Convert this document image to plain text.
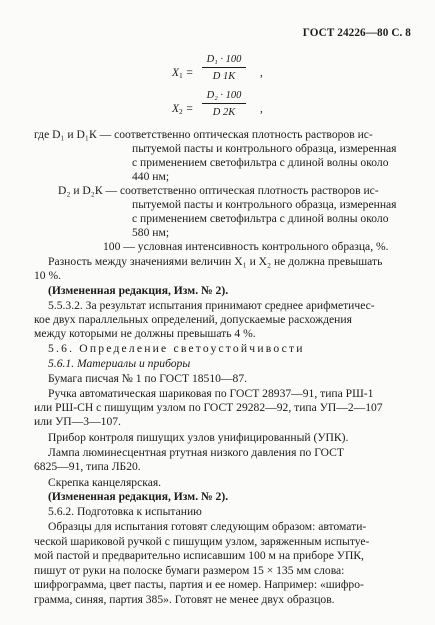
ГОСТ 24226—80 С. 8
$X_1$ =
D₁ · 100
D 1K	,
$X_2$ =
D₂ · 100
D 2K	,
где D₁ и D₁К — соответственно оптическая плотность растворов ис-
пытуемой пасты и контрольного образца, измеренная
с применением светофильтра с длиной волны около
440 нм;
D₂ и D₂К — соответственно оптическая плотность растворов ис-
пытуемой пасты и контрольного образца, измеренная
с применением светофильтра с длиной волны около
580 нм;
100 — условная интенсивность контрольного образца, %.
Разность между значениями величин X₁ и X₂ не должна превышать
10 %.
(Измененная редакция, Изм. № 2).
5.5.3.2. За результат испытания принимают среднее арифметичес-
кое двух параллельных определений, допускаемые расхождения
между которыми не должны превышать 4 %.
5.6. Определение светоустойчивости
5.6.1. Материалы и приборы
Бумага писчая № 1 по ГОСТ 18510—87.
Ручка автоматическая шариковая по ГОСТ 28937—91, типа РШ-1
или РШ-СН с пишущим узлом по ГОСТ 29282—92, типа УП—2—107
или УП—3—107.
Прибор контроля пишущих узлов унифицированный (УПК).
Лампа люминесцентная ртутная низкого давления по ГОСТ
6825—91, типа ЛБ20.
Скрепка канцелярская.
(Измененная редакция, Изм. № 2).
5.6.2. Подготовка к испытанию
Образцы для испытания готовят следующим образом: автомати-
ческой шариковой ручкой с пишущим узлом, заряженным испытуе-
мой пастой и предварительно исписавшим 100 м на приборе УПК,
пишут от руки на полоске бумаги размером 15 × 135 мм слова:
шифрограмма, цвет пасты, партия и ее номер. Например: «шифро-
грамма, синяя, партия 385». Готовят не менее двух образцов.
